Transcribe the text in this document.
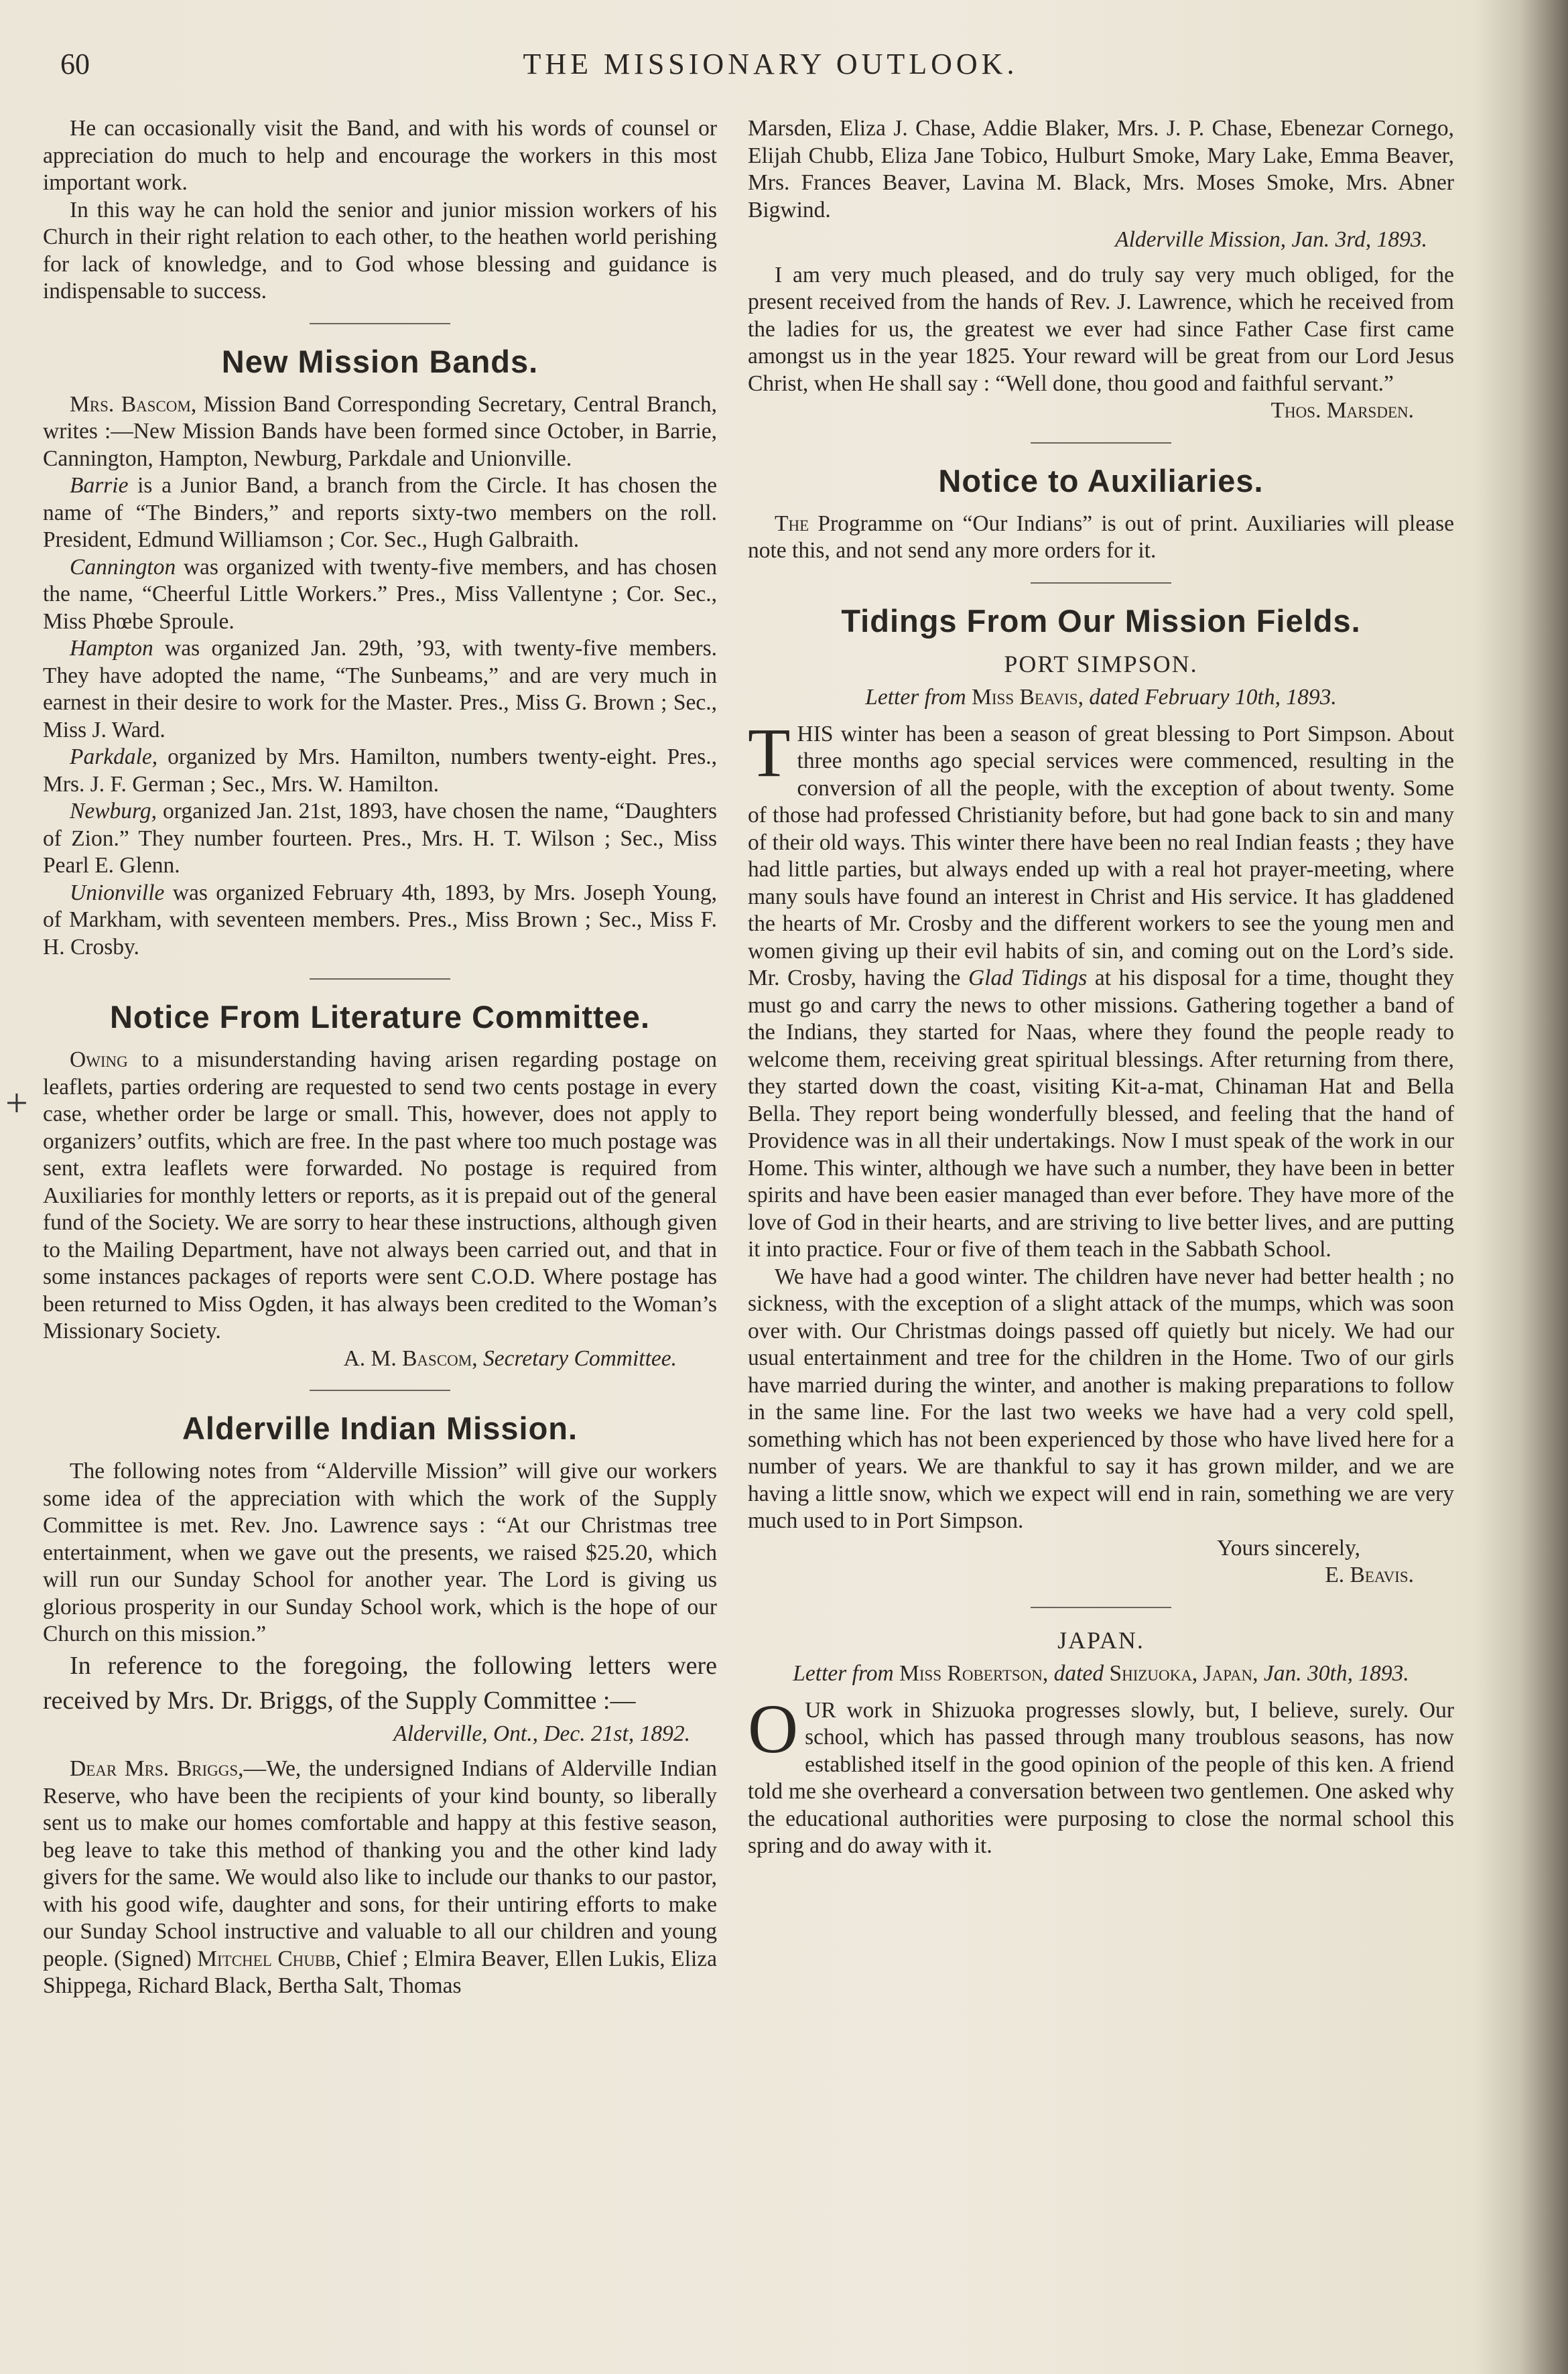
60	THE MISSIONARY OUTLOOK.
+

He can occasionally visit the Band, and with his words of counsel or appreciation do much to help and encourage the workers in this most important work.

In this way he can hold the senior and junior mission workers of his Church in their right relation to each other, to the heathen world perishing for lack of knowledge, and to God whose blessing and guidance is indispensable to success.

New Mission Bands.

Mrs. Bascom, Mission Band Corresponding Secretary, Central Branch, writes :—New Mission Bands have been formed since October, in Barrie, Cannington, Hampton, Newburg, Parkdale and Unionville.

Barrie is a Junior Band, a branch from the Circle. It has chosen the name of “The Binders,” and reports sixty-two members on the roll. President, Edmund Williamson ; Cor. Sec., Hugh Galbraith.

Cannington was organized with twenty-five members, and has chosen the name, “Cheerful Little Workers.” Pres., Miss Vallentyne ; Cor. Sec., Miss Phœbe Sproule.

Hampton was organized Jan. 29th, ’93, with twenty-five members. They have adopted the name, “The Sunbeams,” and are very much in earnest in their desire to work for the Master. Pres., Miss G. Brown ; Sec., Miss J. Ward.

Parkdale, organized by Mrs. Hamilton, numbers twenty-eight. Pres., Mrs. J. F. German ; Sec., Mrs. W. Hamilton.

Newburg, organized Jan. 21st, 1893, have chosen the name, “Daughters of Zion.” They number fourteen. Pres., Mrs. H. T. Wilson ; Sec., Miss Pearl E. Glenn.

Unionville was organized February 4th, 1893, by Mrs. Joseph Young, of Markham, with seventeen members. Pres., Miss Brown ; Sec., Miss F. H. Crosby.

Notice From Literature Committee.

Owing to a misunderstanding having arisen regarding postage on leaflets, parties ordering are requested to send two cents postage in every case, whether order be large or small. This, however, does not apply to organizers’ outfits, which are free. In the past where too much postage was sent, extra leaflets were forwarded. No postage is required from Auxiliaries for monthly letters or reports, as it is prepaid out of the general fund of the Society. We are sorry to hear these instructions, although given to the Mailing Department, have not always been carried out, and that in some instances packages of reports were sent C.O.D. Where postage has been returned to Miss Ogden, it has always been credited to the Woman’s Missionary Society.

A. M. Bascom, Secretary Committee.

Alderville Indian Mission.

The following notes from “Alderville Mission” will give our workers some idea of the appreciation with which the work of the Supply Committee is met. Rev. Jno. Lawrence says : “At our Christmas tree entertainment, when we gave out the presents, we raised $25.20, which will run our Sunday School for another year. The Lord is giving us glorious prosperity in our Sunday School work, which is the hope of our Church on this mission.”

In reference to the foregoing, the following letters were received by Mrs. Dr. Briggs, of the Supply Committee :—

Alderville, Ont., Dec. 21st, 1892.

Dear Mrs. Briggs,—We, the undersigned Indians of Alderville Indian Reserve, who have been the recipients of your kind bounty, so liberally sent us to make our homes comfortable and happy at this festive season, beg leave to take this method of thanking you and the other kind lady givers for the same. We would also like to include our thanks to our pastor, with his good wife, daughter and sons, for their untiring efforts to make our Sunday School instructive and valuable to all our children and young people. (Signed) Mitchel Chubb, Chief ; Elmira Beaver, Ellen Lukis, Eliza Shippega, Richard Black, Bertha Salt, Thomas

Marsden, Eliza J. Chase, Addie Blaker, Mrs. J. P. Chase, Ebenezar Cornego, Elijah Chubb, Eliza Jane Tobico, Hulburt Smoke, Mary Lake, Emma Beaver, Mrs. Frances Beaver, Lavina M. Black, Mrs. Moses Smoke, Mrs. Abner Bigwind.

Alderville Mission, Jan. 3rd, 1893.

I am very much pleased, and do truly say very much obliged, for the present received from the hands of Rev. J. Lawrence, which he received from the ladies for us, the greatest we ever had since Father Case first came amongst us in the year 1825. Your reward will be great from our Lord Jesus Christ, when He shall say : “Well done, thou good and faithful servant.”

Thos. Marsden.

Notice to Auxiliaries.

The Programme on “Our Indians” is out of print. Auxiliaries will please note this, and not send any more orders for it.

Tidings From Our Mission Fields.

PORT SIMPSON.

Letter from Miss Beavis, dated February 10th, 1893.

THIS winter has been a season of great blessing to Port Simpson. About three months ago special services were commenced, resulting in the conversion of all the people, with the exception of about twenty. Some of those had professed Christianity before, but had gone back to sin and many of their old ways. This winter there have been no real Indian feasts ; they have had little parties, but always ended up with a real hot prayer-meeting, where many souls have found an interest in Christ and His service. It has gladdened the hearts of Mr. Crosby and the different workers to see the young men and women giving up their evil habits of sin, and coming out on the Lord’s side. Mr. Crosby, having the Glad Tidings at his disposal for a time, thought they must go and carry the news to other missions. Gathering together a band of the Indians, they started for Naas, where they found the people ready to welcome them, receiving great spiritual blessings. After returning from there, they started down the coast, visiting Kit-a-mat, Chinaman Hat and Bella Bella. They report being wonderfully blessed, and feeling that the hand of Providence was in all their undertakings. Now I must speak of the work in our Home. This winter, although we have such a number, they have been in better spirits and have been easier managed than ever before. They have more of the love of God in their hearts, and are striving to live better lives, and are putting it into practice. Four or five of them teach in the Sabbath School.

We have had a good winter. The children have never had better health ; no sickness, with the exception of a slight attack of the mumps, which was soon over with. Our Christmas doings passed off quietly but nicely. We had our usual entertainment and tree for the children in the Home. Two of our girls have married during the winter, and another is making preparations to follow in the same line. For the last two weeks we have had a very cold spell, something which has not been experienced by those who have lived here for a number of years. We are thankful to say it has grown milder, and we are having a little snow, which we expect will end in rain, something we are very much used to in Port Simpson.

Yours sincerely,

E. Beavis.

JAPAN.

Letter from Miss Robertson, dated Shizuoka, Japan, Jan. 30th, 1893.

OUR work in Shizuoka progresses slowly, but, I believe, surely. Our school, which has passed through many troublous seasons, has now established itself in the good opinion of the people of this ken. A friend told me she overheard a conversation between two gentlemen. One asked why the educational authorities were purposing to close the normal school this spring and do away with it.
